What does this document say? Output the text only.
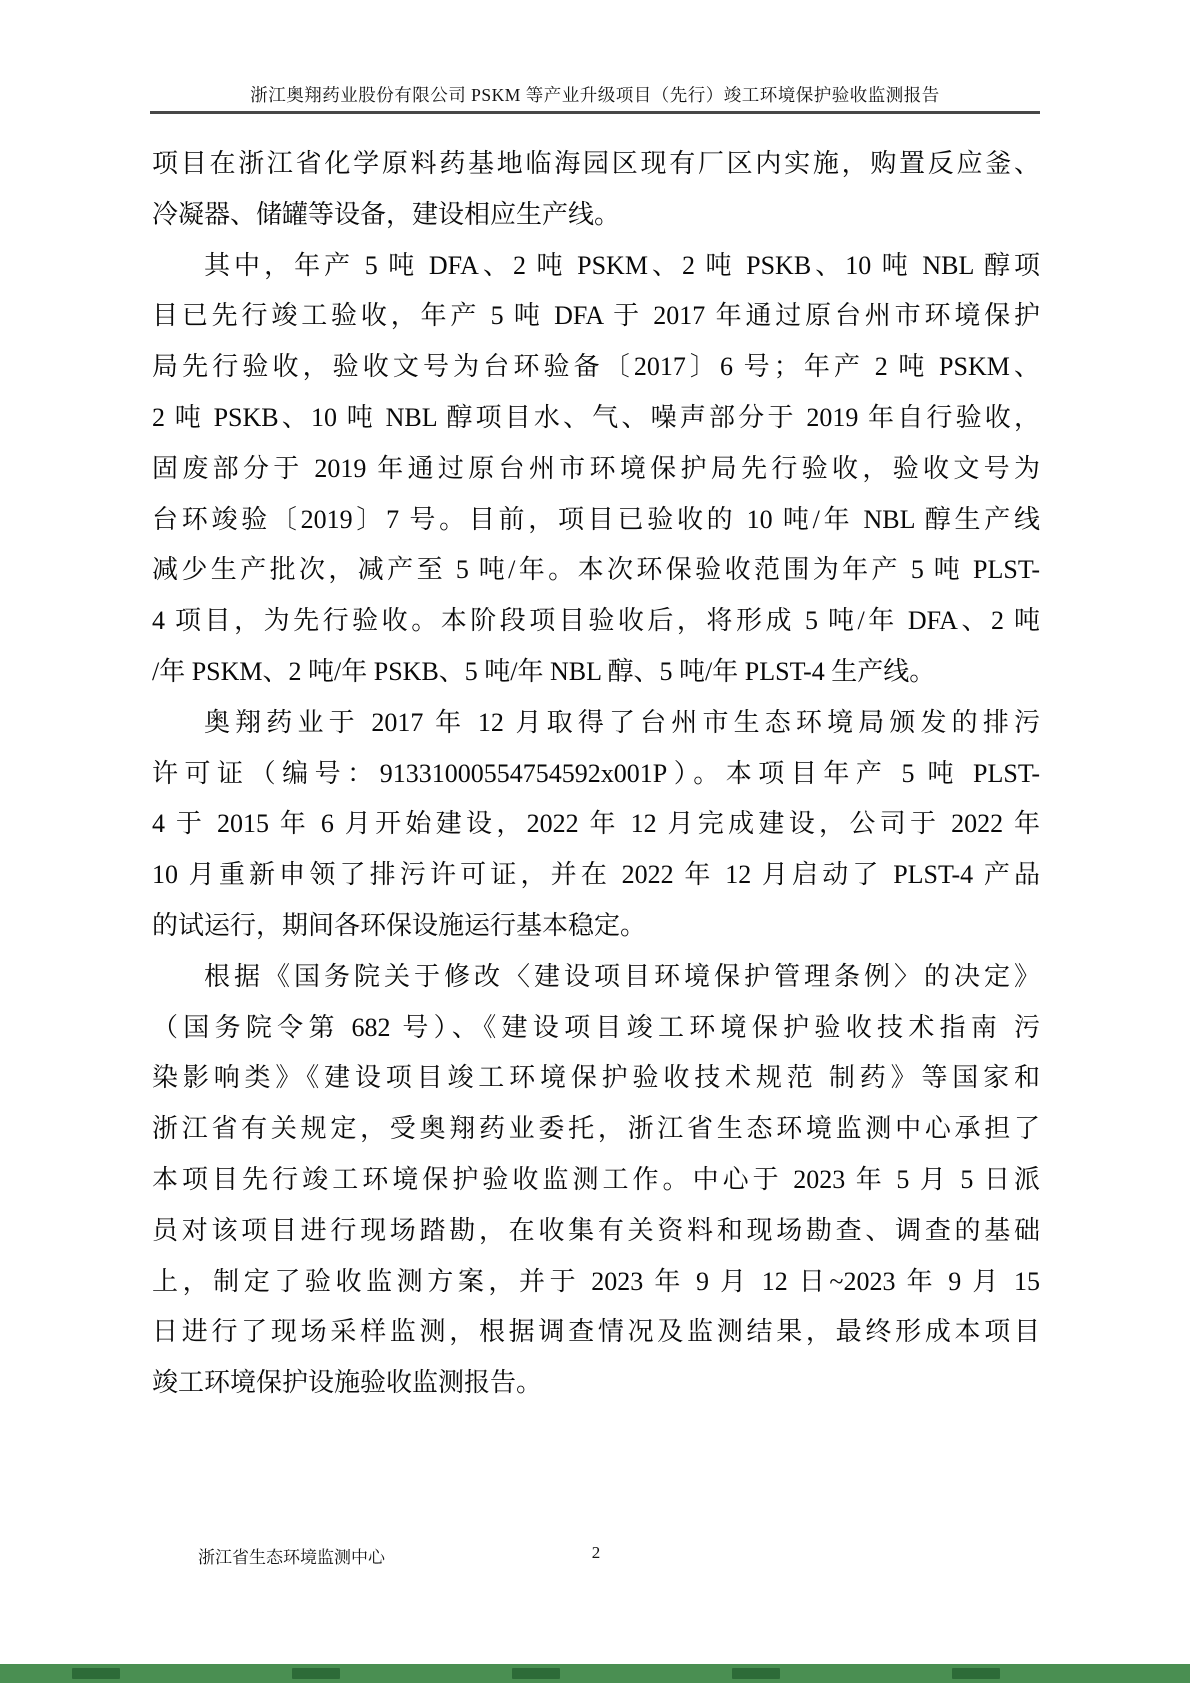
浙江奥翔药业股份有限公司 PSKM 等产业升级项目（先行）竣工环境保护验收监测报告
项目在浙江省化学原料药基地临海园区现有厂区内实施，购置反应釜、
冷凝器、储罐等设备，建设相应生产线。
其中，年产 5 吨 DFA、2 吨 PSKM、2 吨 PSKB、10 吨 NBL 醇项
目已先行竣工验收，年产 5 吨 DFA 于 2017 年通过原台州市环境保护
局先行验收，验收文号为台环验备〔2017〕6 号；年产 2 吨 PSKM、
2 吨 PSKB、10 吨 NBL 醇项目水、气、噪声部分于 2019 年自行验收，
固废部分于 2019 年通过原台州市环境保护局先行验收，验收文号为
台环竣验〔2019〕7 号。目前，项目已验收的 10 吨/年 NBL 醇生产线
减少生产批次，减产至 5 吨/年。本次环保验收范围为年产 5 吨 PLST-
4 项目，为先行验收。本阶段项目验收后，将形成 5 吨/年 DFA、2 吨
/年 PSKM、2 吨/年 PSKB、5 吨/年 NBL 醇、5 吨/年 PLST-4 生产线。
奥翔药业于 2017 年 12 月取得了台州市生态环境局颁发的排污
许可证（编号：91331000554754592x001P）。本项目年产 5 吨 PLST-
4 于 2015 年 6 月开始建设，2022 年 12 月完成建设，公司于 2022 年
10 月重新申领了排污许可证，并在 2022 年 12 月启动了 PLST-4 产品
的试运行，期间各环保设施运行基本稳定。
根据《国务院关于修改〈建设项目环境保护管理条例〉的决定》
（国务院令第 682 号）、《建设项目竣工环境保护验收技术指南 污
染影响类》《建设项目竣工环境保护验收技术规范 制药》等国家和
浙江省有关规定，受奥翔药业委托，浙江省生态环境监测中心承担了
本项目先行竣工环境保护验收监测工作。中心于 2023 年 5 月 5 日派
员对该项目进行现场踏勘，在收集有关资料和现场勘查、调查的基础
上，制定了验收监测方案，并于 2023 年 9 月 12 日~2023 年 9 月 15
日进行了现场采样监测，根据调查情况及监测结果，最终形成本项目
竣工环境保护设施验收监测报告。
2
浙江省生态环境监测中心
